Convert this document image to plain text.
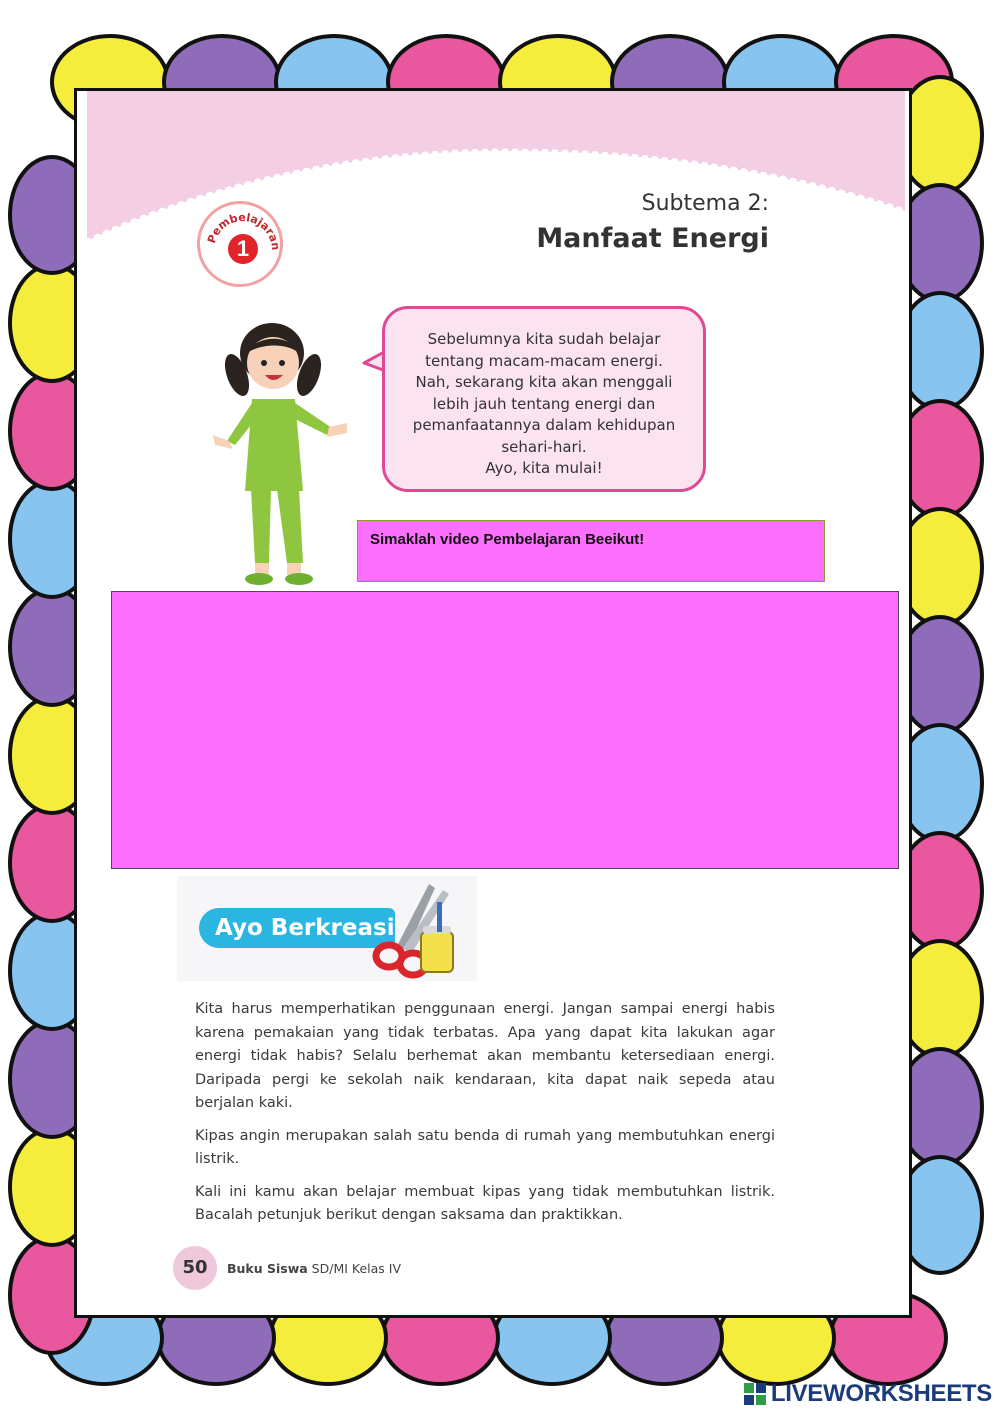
Pembelajaran
1
Subtema 2:
Manfaat Energi
Sebelumnya kita sudah belajar
tentang macam-macam energi.
Nah, sekarang kita akan menggali
lebih jauh tentang energi dan
pemanfaatannya dalam kehidupan
sehari-hari.
Ayo, kita mulai!
Simaklah video Pembelajaran Beeikut!
Ayo Berkreasi

Kita harus memperhatikan penggunaan energi. Jangan sampai energi habis karena pemakaian yang tidak terbatas. Apa yang dapat kita lakukan agar energi tidak habis? Selalu berhemat akan membantu ketersediaan energi. Daripada pergi ke sekolah naik kendaraan, kita dapat naik sepeda atau berjalan kaki.

Kipas angin merupakan salah satu benda di rumah yang membutuhkan energi listrik.

Kali ini kamu akan belajar membuat kipas yang tidak membutuhkan listrik. Bacalah petunjuk berikut dengan saksama dan praktikkan.

50	Buku Siswa SD/MI Kelas IV
LIVEWORKSHEETS
